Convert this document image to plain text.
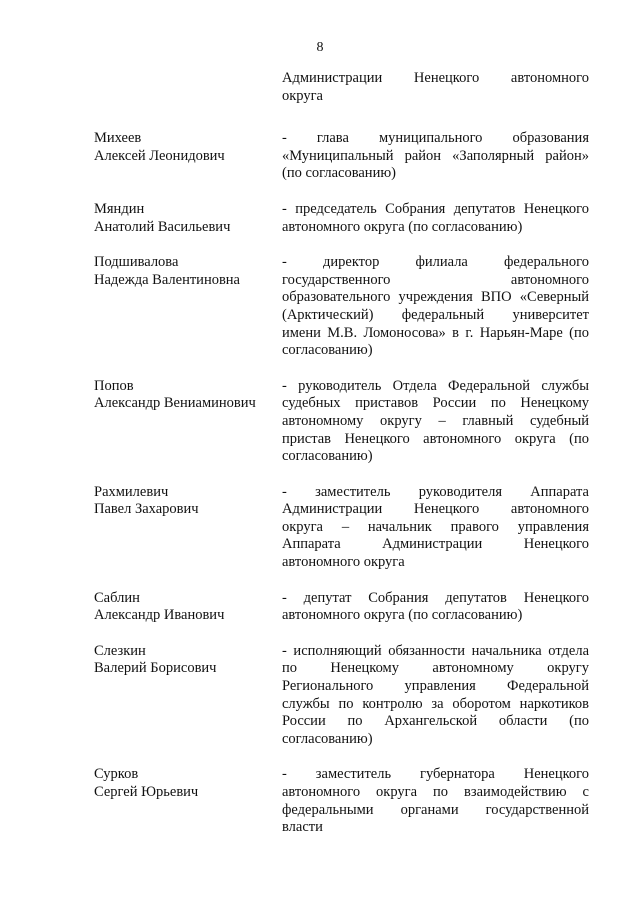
8
Администрации Ненецкого автономного
округа
Михеев
Алексей Леонидович
- глава муниципального образования
«Муниципальный район «Заполярный район»
(по согласованию)
Мяндин
Анатолий Васильевич
- председатель Собрания депутатов Ненецкого
автономного округа (по согласованию)
Подшивалова
Надежда Валентиновна
- директор филиала федерального
государственного автономного
образовательного учреждения ВПО «Северный
(Арктический) федеральный университет
имени М.В. Ломоносова» в г. Нарьян-Маре (по
согласованию)
Попов
Александр Вениаминович
- руководитель Отдела Федеральной службы
судебных приставов России по Ненецкому
автономному округу – главный судебный
пристав Ненецкого автономного округа (по
согласованию)
Рахмилевич
Павел Захарович
- заместитель руководителя Аппарата
Администрации Ненецкого автономного
округа – начальник правого управления
Аппарата Администрации Ненецкого
автономного округа
Саблин
Александр Иванович
- депутат Собрания депутатов Ненецкого
автономного округа (по согласованию)
Слезкин
Валерий Борисович
- исполняющий обязанности начальника отдела
по Ненецкому автономному округу
Регионального управления Федеральной
службы по контролю за оборотом наркотиков
России по Архангельской области (по
согласованию)
Сурков
Сергей Юрьевич
- заместитель губернатора Ненецкого
автономного округа по взаимодействию с
федеральными органами государственной
власти
